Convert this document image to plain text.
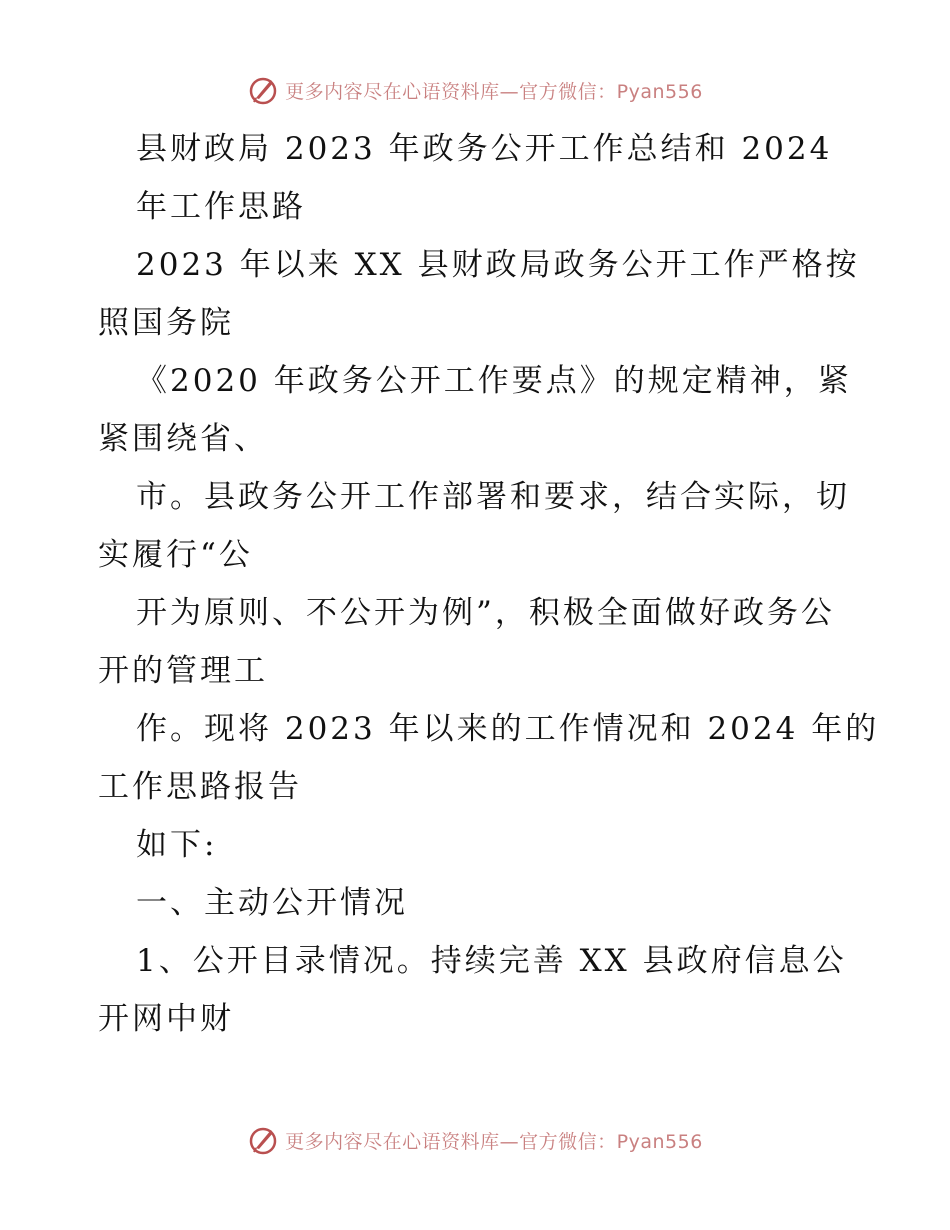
更多内容尽在心语资料库—官方微信：Pyan556
县财政局 2023 年政务公开工作总结和 2024
年工作思路
2023 年以来 XX 县财政局政务公开工作严格按
照国务院
《2020 年政务公开工作要点》的规定精神，紧
紧围绕省、
市。县政务公开工作部署和要求，结合实际，切
实履行“公
开为原则、不公开为例”，积极全面做好政务公
开的管理工
作。现将 2023 年以来的工作情况和 2024 年的
工作思路报告
如下:
一、主动公开情况
1、公开目录情况。持续完善 XX 县政府信息公
开网中财
更多内容尽在心语资料库—官方微信：Pyan556
